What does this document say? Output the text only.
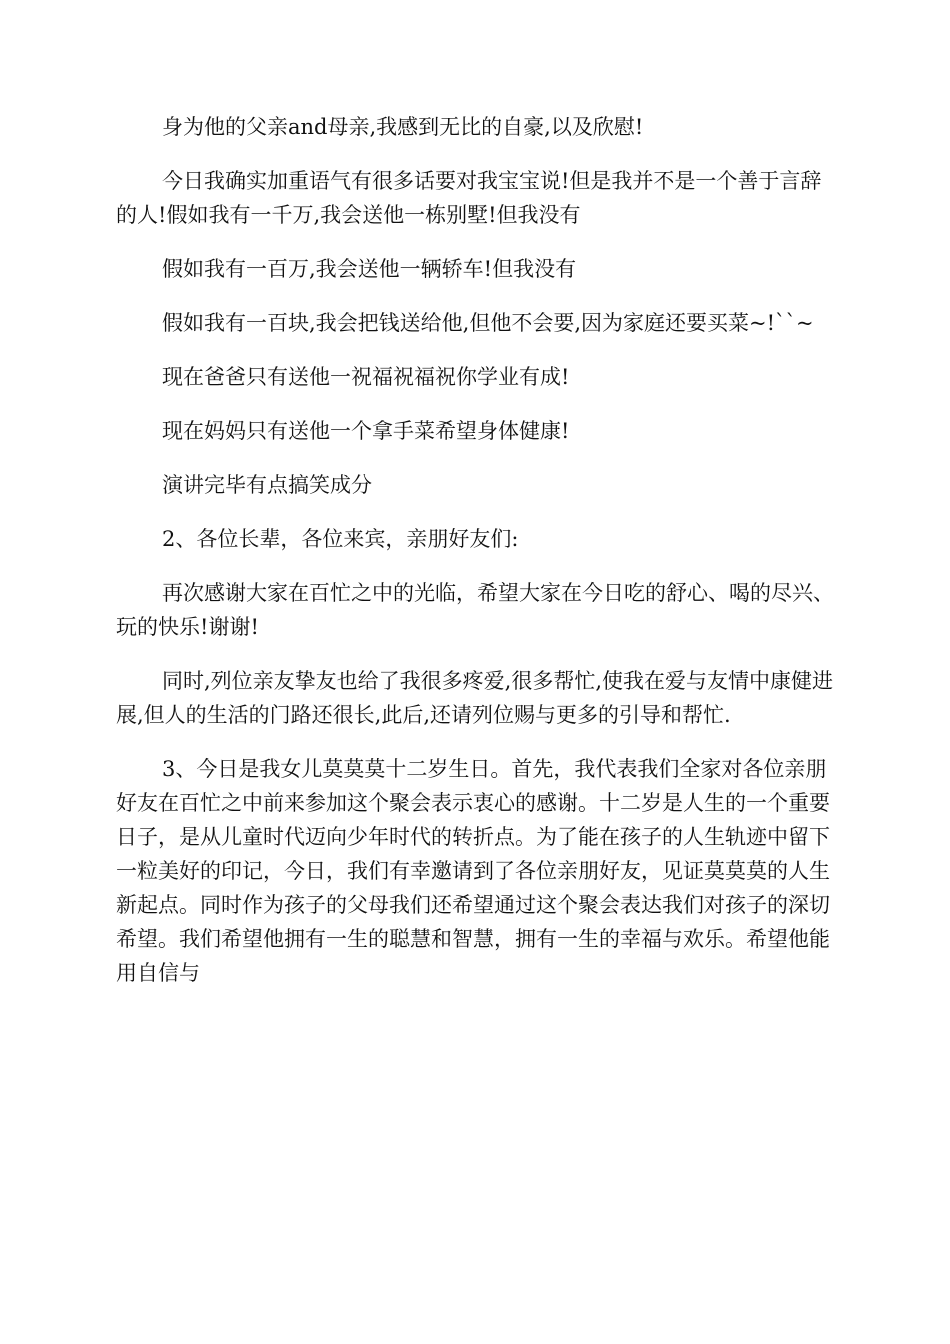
身为他的父亲and母亲,我感到无比的自豪,以及欣慰!

今日我确实加重语气有很多话要对我宝宝说!但是我并不是一个善于言辞的人!假如我有一千万,我会送他一栋别墅!但我没有

假如我有一百万,我会送他一辆轿车!但我没有

假如我有一百块,我会把钱送给他,但他不会要,因为家庭还要买菜~!``~

现在爸爸只有送他一祝福祝福祝你学业有成!

现在妈妈只有送他一个拿手菜希望身体健康!

演讲完毕有点搞笑成分

2、各位长辈，各位来宾，亲朋好友们:

再次感谢大家在百忙之中的光临，希望大家在今日吃的舒心、喝的尽兴、玩的快乐!谢谢!

同时,列位亲友挚友也给了我很多疼爱,很多帮忙,使我在爱与友情中康健进展,但人的生活的门路还很长,此后,还请列位赐与更多的引导和帮忙.

3、今日是我女儿莫莫莫十二岁生日。首先，我代表我们全家对各位亲朋好友在百忙之中前来参加这个聚会表示衷心的感谢。十二岁是人生的一个重要日子，是从儿童时代迈向少年时代的转折点。为了能在孩子的人生轨迹中留下一粒美好的印记，今日，我们有幸邀请到了各位亲朋好友，见证莫莫莫的人生新起点。同时作为孩子的父母我们还希望通过这个聚会表达我们对孩子的深切希望。我们希望他拥有一生的聪慧和智慧，拥有一生的幸福与欢乐。希望他能用自信与
